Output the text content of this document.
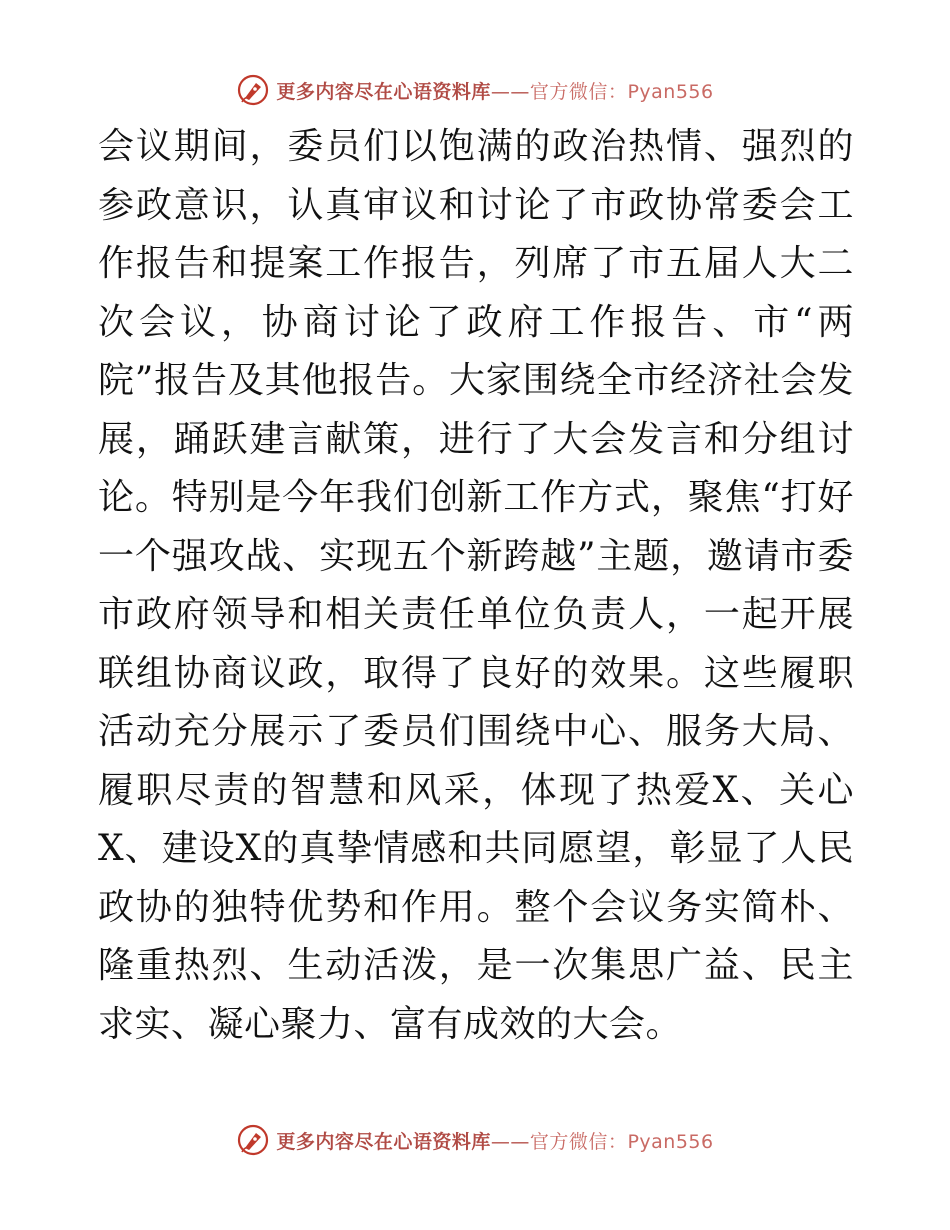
更多内容尽在心语资料库——官方微信：Pyan556

会议期间，委员们以饱满的政治热情、强烈的参政意识，认真审议和讨论了市政协常委会工作报告和提案工作报告，列席了市五届人大二次会议，协商讨论了政府工作报告、市“两院”报告及其他报告。大家围绕全市经济社会发展，踊跃建言献策，进行了大会发言和分组讨论。特别是今年我们创新工作方式，聚焦“打好一个强攻战、实现五个新跨越”主题，邀请市委市政府领导和相关责任单位负责人，一起开展联组协商议政，取得了良好的效果。这些履职活动充分展示了委员们围绕中心、服务大局、履职尽责的智慧和风采，体现了热爱X、关心X、建设X的真挚情感和共同愿望，彰显了人民政协的独特优势和作用。整个会议务实简朴、隆重热烈、生动活泼，是一次集思广益、民主求实、凝心聚力、富有成效的大会。

更多内容尽在心语资料库——官方微信：Pyan556
